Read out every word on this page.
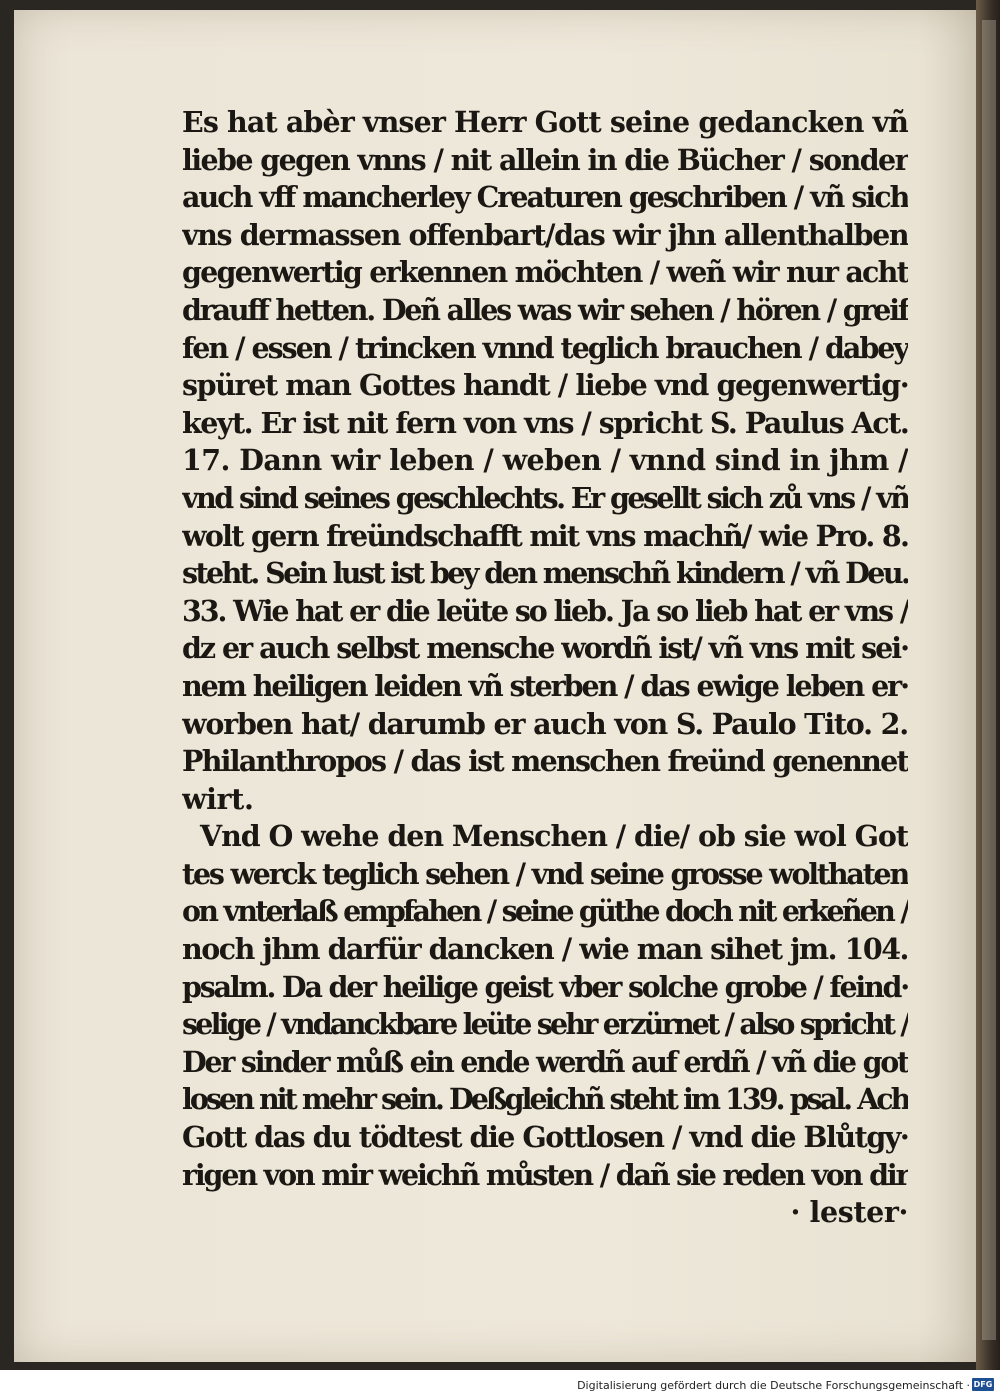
Es hat abèr vnser Herr Gott seine gedancken vñ
liebe gegen vnns / nit allein in die Bücher / sonder
auch vff mancherley Creaturen geschriben / vñ sich
vns dermassen offenbart/das wir jhn allenthalben
gegenwertig erkennen möchten / weñ wir nur acht
drauff hetten. Deñ alles was wir sehen / hören / greif
fen / essen / trincken vnnd teglich brauchen / dabey
spüret man Gottes handt / liebe vnd gegenwertig·
keyt. Er ist nit fern von vns / spricht S. Paulus Act.
17. Dann wir leben / weben / vnnd sind in jhm /
vnd sind seines geschlechts. Er gesellt sich zů vns / vñ
wolt gern freündschafft mit vns machñ/ wie Pro. 8.
steht. Sein lust ist bey den menschñ kindern / vñ Deu.
33. Wie hat er die leüte so lieb. Ja so lieb hat er vns /
dz er auch selbst mensche wordñ ist/ vñ vns mit sei·
nem heiligen leiden vñ sterben / das ewige leben er·
worben hat/ darumb er auch von S. Paulo Tito. 2.
Philanthropos / das ist menschen freünd genennet
wirt.
Vnd O wehe den Menschen / die/ ob sie wol Got
tes werck teglich sehen / vnd seine grosse wolthaten
on vnterlaß empfahen / seine güthe doch nit erkeñen /
noch jhm darfür dancken / wie man sihet jm. 104.
psalm. Da der heilige geist vber solche grobe / feind·
selige / vndanckbare leüte sehr erzürnet / also spricht /
Der sinder můß ein ende werdñ auf erdñ / vñ die got
losen nit mehr sein. Deßgleichñ steht im 139. psal. Ach
Gott das du tödtest die Gottlosen / vnd die Blůtgy·
rigen von mir weichñ můsten / dañ sie reden von dir
· lester·
Digitalisierung gefördert durch die Deutsche Forschungsgemeinschaft · DFG
